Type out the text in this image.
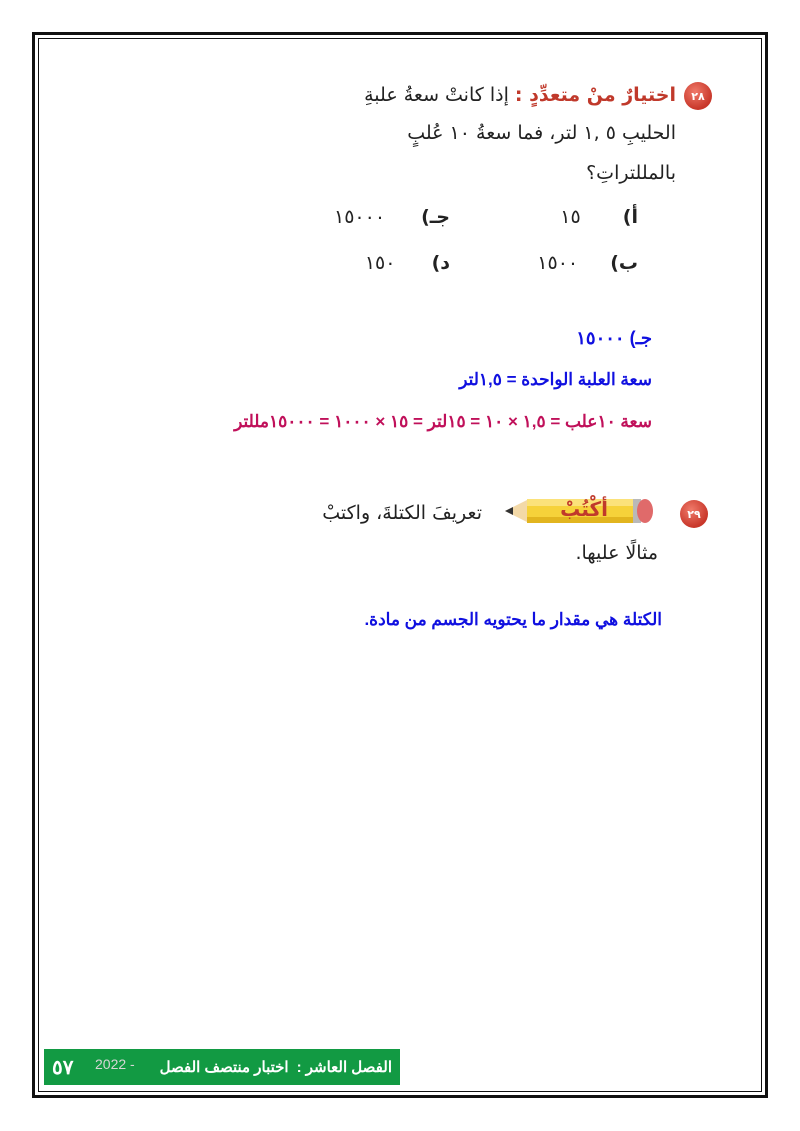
٢٨
اختيارٌ منْ متعدِّدٍ : إذا كانتْ سعةُ علبةِ
الحليبِ ٥ ,١ لتر، فما سعةُ ١٠ عُلبٍ
بالمللتراتِ؟
أ)  ١٥
جـ)  ١٥٠٠٠
ب)  ١٥٠٠
د)  ١٥٠
جـ) ١٥٠٠٠
سعة العلبة الواحدة = ١,٥لتر
سعة ١٠علب = ١,٥ × ١٠ = ١٥لتر = ١٥ × ١٠٠٠ = ١٥٠٠٠مللتر
٢٩
أكْتُبْ
تعريفَ الكتلةَ، واكتبْ
مثالًا عليها.
الكتلة هي مقدار ما يحتويه الجسم من مادة.
الفصل العاشر :
اختبار منتصف الفصل
٥٧ 2022 -
